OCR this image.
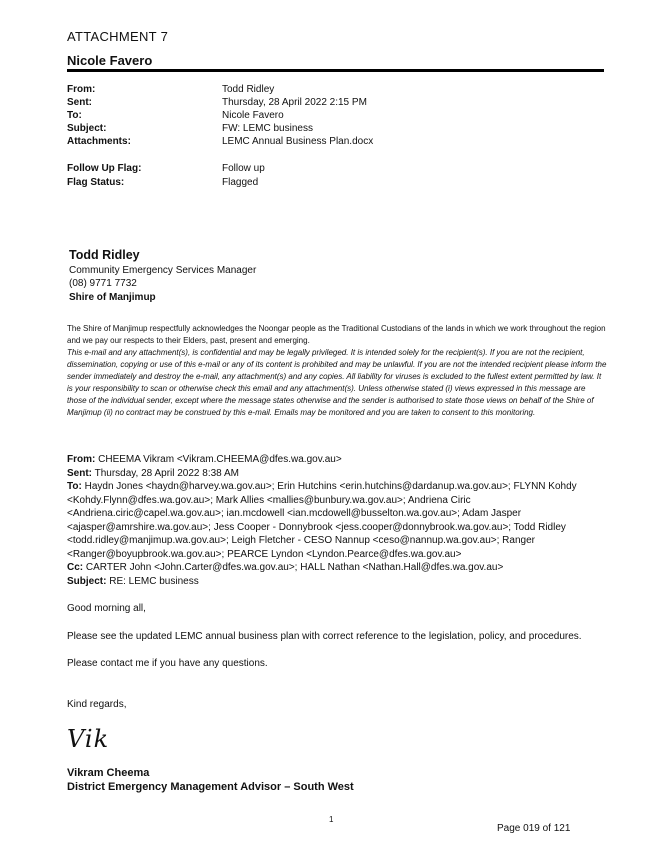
ATTACHMENT 7
Nicole Favero
From:	Todd Ridley
Sent:	Thursday, 28 April 2022 2:15 PM
To:	Nicole Favero
Subject:	FW: LEMC business
Attachments:	LEMC Annual Business Plan.docx
Follow Up Flag:	Follow up
Flag Status:	Flagged
Todd Ridley
Community Emergency Services Manager
(08) 9771 7732
Shire of Manjimup
The Shire of Manjimup respectfully acknowledges the Noongar people as the Traditional Custodians of the lands in which we work throughout the region and we pay our respects to their Elders, past, present and emerging.
This e-mail and any attachment(s), is confidential and may be legally privileged. It is intended solely for the recipient(s). If you are not the recipient, dissemination, copying or use of this e-mail or any of its content is prohibited and may be unlawful. If you are not the intended recipient please inform the sender immediately and destroy the e-mail, any attachment(s) and any copies. All liability for viruses is excluded to the fullest extent permitted by law. It is your responsibility to scan or otherwise check this email and any attachment(s). Unless otherwise stated (i) views expressed in this message are those of the individual sender, except where the message states otherwise and the sender is authorised to state those views on behalf of the Shire of Manjimup (ii) no contract may be construed by this e-mail. Emails may be monitored and you are taken to consent to this monitoring.
From: CHEEMA Vikram <Vikram.CHEEMA@dfes.wa.gov.au>
Sent: Thursday, 28 April 2022 8:38 AM
To: Haydn Jones <haydn@harvey.wa.gov.au>; Erin Hutchins <erin.hutchins@dardanup.wa.gov.au>; FLYNN Kohdy <Kohdy.Flynn@dfes.wa.gov.au>; Mark Allies <mallies@bunbury.wa.gov.au>; Andriena Ciric <Andriena.ciric@capel.wa.gov.au>; ian.mcdowell <ian.mcdowell@busselton.wa.gov.au>; Adam Jasper <ajasper@amrshire.wa.gov.au>; Jess Cooper - Donnybrook <jess.cooper@donnybrook.wa.gov.au>; Todd Ridley <todd.ridley@manjimup.wa.gov.au>; Leigh Fletcher - CESO Nannup <ceso@nannup.wa.gov.au>; Ranger <Ranger@boyupbrook.wa.gov.au>; PEARCE Lyndon <Lyndon.Pearce@dfes.wa.gov.au>
Cc: CARTER John <John.Carter@dfes.wa.gov.au>; HALL Nathan <Nathan.Hall@dfes.wa.gov.au>
Subject: RE: LEMC business
Good morning all,
Please see the updated LEMC annual business plan with correct reference to the legislation, policy, and procedures.
Please contact me if you have any questions.
Kind regards,
Vik
Vikram Cheema
District Emergency Management Advisor – South West
1
Page 019 of 121
